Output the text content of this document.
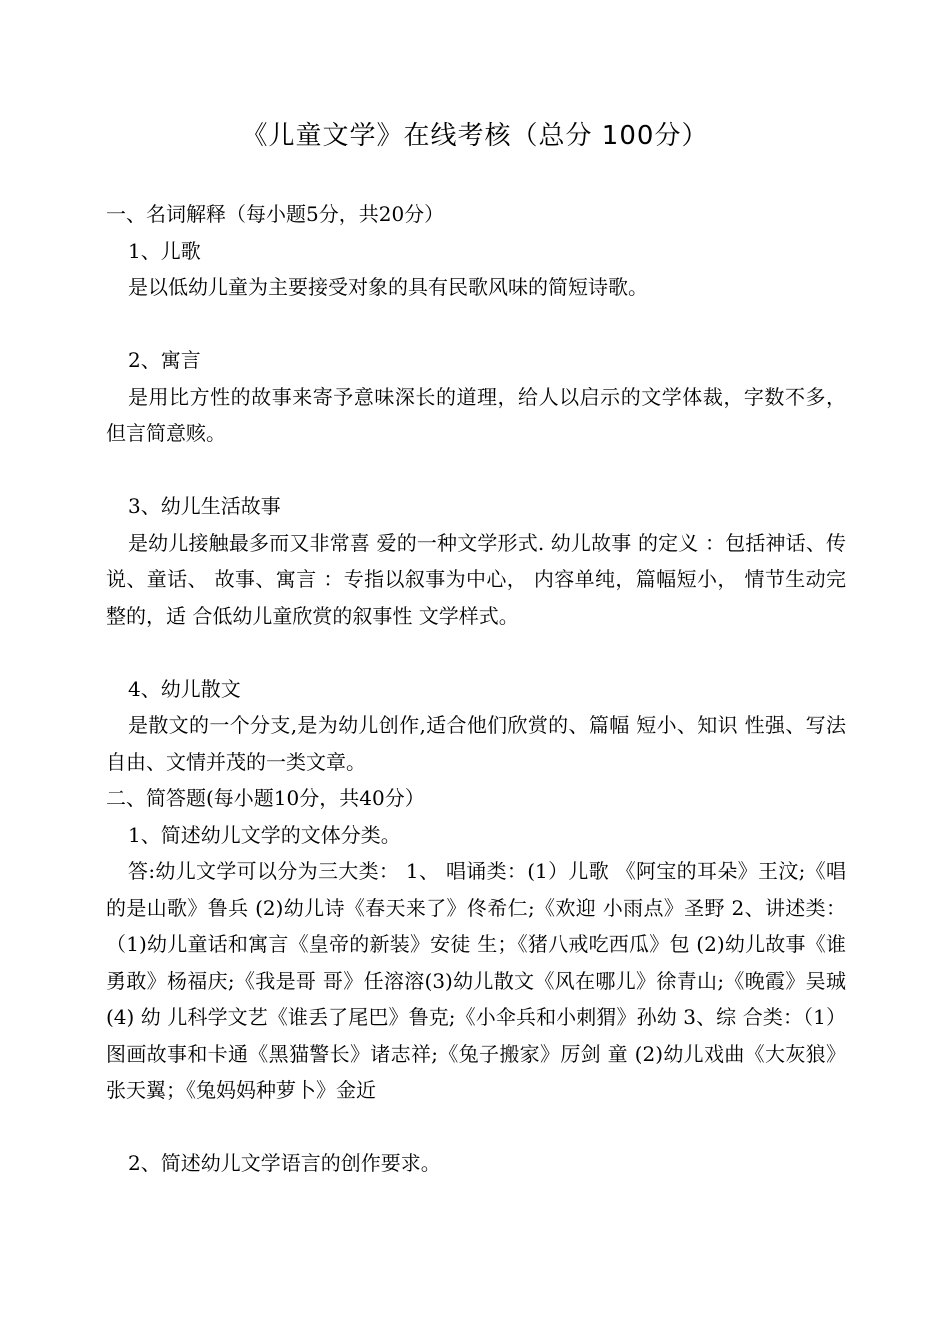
《儿童文学》在线考核（总分 100分）

一、名词解释（每小题5分，共20分）

1、儿歌

是以低幼儿童为主要接受对象的具有民歌风味的简短诗歌。

2、寓言

是用比方性的故事来寄予意味深长的道理，给人以启示的文学体裁，字数不多，但言简意赅。

3、幼儿生活故事

是幼儿接触最多而又非常喜 爱的一种文学形式. 幼儿故事 的定义 ：包括神话、传说、童话、 故事、寓言 ：专指以叙事为中心， 内容单纯，篇幅短小， 情节生动完整的，适 合低幼儿童欣赏的叙事性 文学样式。

4、幼儿散文

是散文的一个分支,是为幼儿创作,适合他们欣赏的、篇幅 短小、知识 性强、写法自由、文情并茂的一类文章。

二、简答题(每小题10分，共40分）

1、简述幼儿文学的文体分类。

答:幼儿文学可以分为三大类： 1、 唱诵类：(1）儿歌 《阿宝的耳朵》王汶;《唱的是山歌》鲁兵 (2)幼儿诗《春天来了》佟希仁;《欢迎 小雨点》圣野 2、讲述类：（1)幼儿童话和寓言《皇帝的新装》安徒 生；《猪八戒吃西瓜》包 (2)幼儿故事《谁勇敢》杨福庆;《我是哥 哥》任溶溶(3)幼儿散文《风在哪儿》徐青山;《晚霞》吴珹 (4) 幼 儿科学文艺《谁丢了尾巴》鲁克;《小伞兵和小刺猬》孙幼 3、综 合类：（1）图画故事和卡通《黑猫警长》诸志祥;《兔子搬家》厉剑 童 (2)幼儿戏曲《大灰狼》张天翼；《兔妈妈种萝卜》金近

2、简述幼儿文学语言的创作要求。
